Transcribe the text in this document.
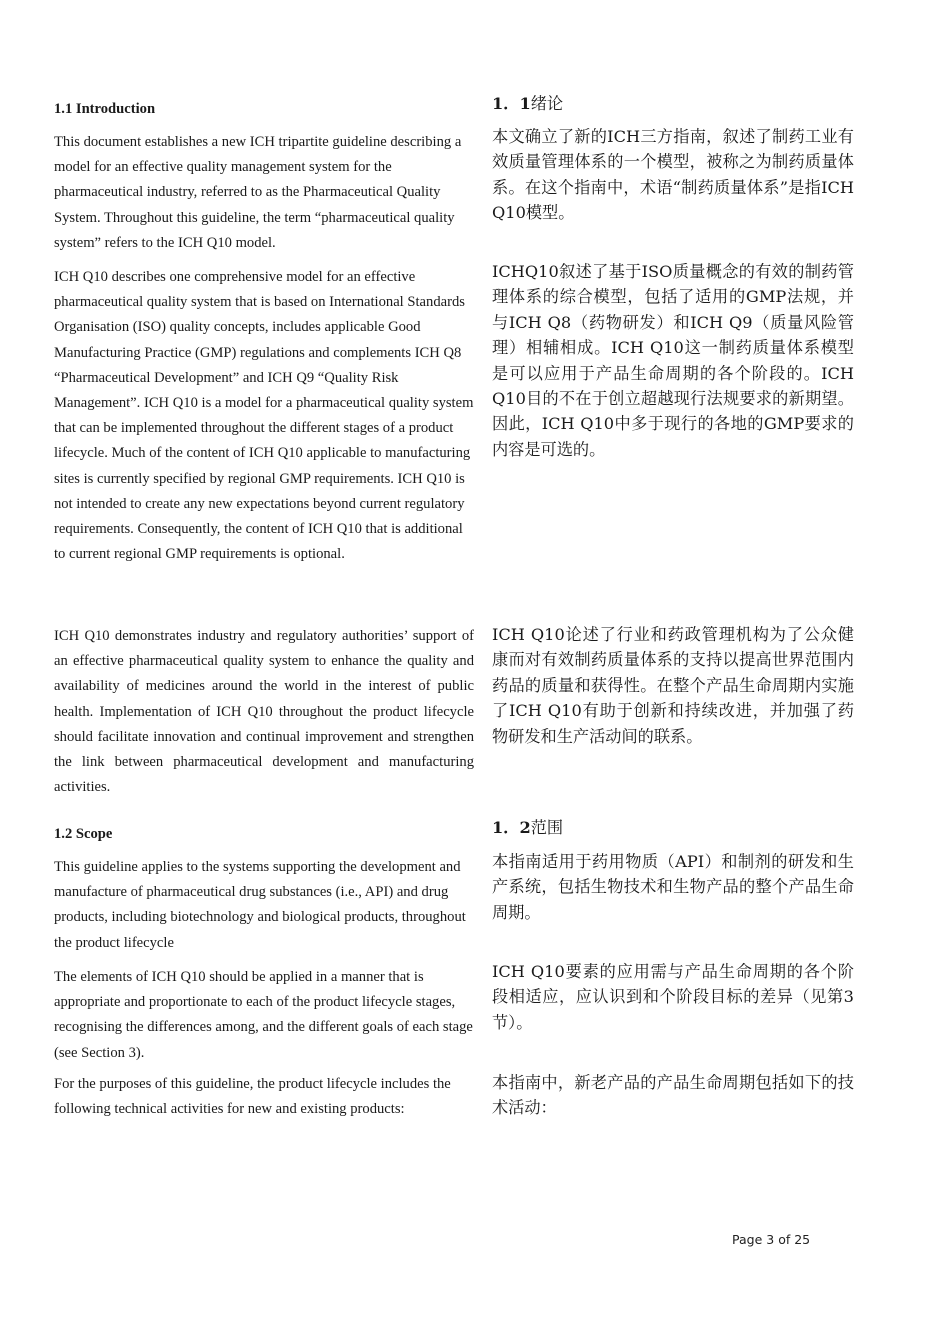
1.1 Introduction	1．1绪论
This document establishes a new ICH tripartite guideline describing a model for an effective quality management system for the pharmaceutical industry, referred to as the Pharmaceutical Quality System. Throughout this guideline, the term “pharmaceutical quality system” refers to the ICH Q10 model.
本文确立了新的ICH三方指南，叙述了制药工业有效质量管理体系的一个模型，被称之为制药质量体系。在这个指南中，术语“制药质量体系”是指ICH Q10模型。
ICH Q10 describes one comprehensive model for an effective pharmaceutical quality system that is based on International Standards Organisation (ISO) quality concepts, includes applicable Good Manufacturing Practice (GMP) regulations and complements ICH Q8 “Pharmaceutical Development” and ICH Q9 “Quality Risk Management”. ICH Q10 is a model for a pharmaceutical quality system that can be implemented throughout the different stages of a product lifecycle. Much of the content of ICH Q10 applicable to manufacturing sites is currently specified by regional GMP requirements. ICH Q10 is not intended to create any new expectations beyond current regulatory requirements. Consequently, the content of ICH Q10 that is additional to current regional GMP requirements is optional.
ICHQ10叙述了基于ISO质量概念的有效的制药管理体系的综合模型，包括了适用的GMP法规，并与ICH Q8（药物研发）和ICH Q9（质量风险管理）相辅相成。ICH Q10这一制药质量体系模型是可以应用于产品生命周期的各个阶段的。ICH Q10目的不在于创立超越现行法规要求的新期望。因此，ICH Q10中多于现行的各地的GMP要求的内容是可选的。
ICH Q10 demonstrates industry and regulatory authorities’ support of an effective pharmaceutical quality system to enhance the quality and availability of medicines around the world in the interest of public health. Implementation of ICH Q10 throughout the product lifecycle should facilitate innovation and continual improvement and strengthen the link between pharmaceutical development and manufacturing activities.
ICH Q10论述了行业和药政管理机构为了公众健康而对有效制药质量体系的支持以提高世界范围内药品的质量和获得性。在整个产品生命周期内实施了ICH Q10有助于创新和持续改进，并加强了药物研发和生产活动间的联系。
1.2 Scope	1．2范围
This guideline applies to the systems supporting the development and manufacture of pharmaceutical drug substances (i.e., API) and drug products, including biotechnology and biological products, throughout the product lifecycle
本指南适用于药用物质（API）和制剂的研发和生产系统，包括生物技术和生物产品的整个产品生命周期。
The elements of ICH Q10 should be applied in a manner that is appropriate and proportionate to each of the product lifecycle stages, recognising the differences among, and the different goals of each stage (see Section 3).
ICH Q10要素的应用需与产品生命周期的各个阶段相适应，应认识到和个阶段目标的差异（见第3节）。
For the purposes of this guideline, the product lifecycle includes the following technical activities for new and existing products:
本指南中，新老产品的产品生命周期包括如下的技术活动：
Page 3 of 25
